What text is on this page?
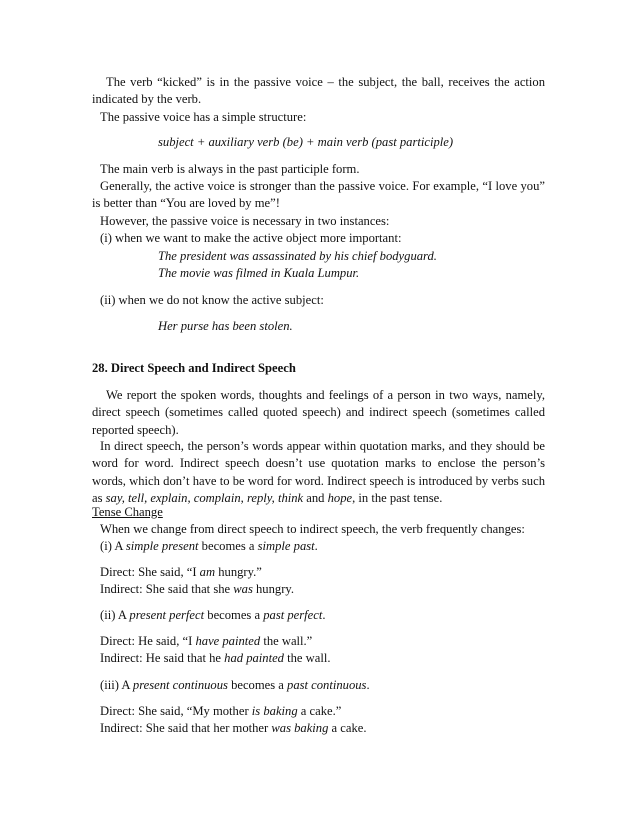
The verb “kicked” is in the passive voice – the subject, the ball, receives the action indicated by the verb.
The passive voice has a simple structure:
subject + auxiliary verb (be) + main verb (past participle)
The main verb is always in the past participle form.
Generally, the active voice is stronger than the passive voice. For example, “I love you” is better than “You are loved by me”!
However, the passive voice is necessary in two instances:
(i) when we want to make the active object more important:
The president was assassinated by his chief bodyguard.
The movie was filmed in Kuala Lumpur.
(ii) when we do not know the active subject:
Her purse has been stolen.
28. Direct Speech and Indirect Speech
We report the spoken words, thoughts and feelings of a person in two ways, namely, direct speech (sometimes called quoted speech) and indirect speech (sometimes called reported speech).
In direct speech, the person’s words appear within quotation marks, and they should be word for word. Indirect speech doesn’t use quotation marks to enclose the person’s words, which don’t have to be word for word. Indirect speech is introduced by verbs such as say, tell, explain, complain, reply, think and hope, in the past tense.
Tense Change
When we change from direct speech to indirect speech, the verb frequently changes:
(i) A simple present becomes a simple past.
Direct: She said, “I am hungry.”
Indirect: She said that she was hungry.
(ii) A present perfect becomes a past perfect.
Direct: He said, “I have painted the wall.”
Indirect: He said that he had painted the wall.
(iii) A present continuous becomes a past continuous.
Direct: She said, “My mother is baking a cake.”
Indirect: She said that her mother was baking a cake.
